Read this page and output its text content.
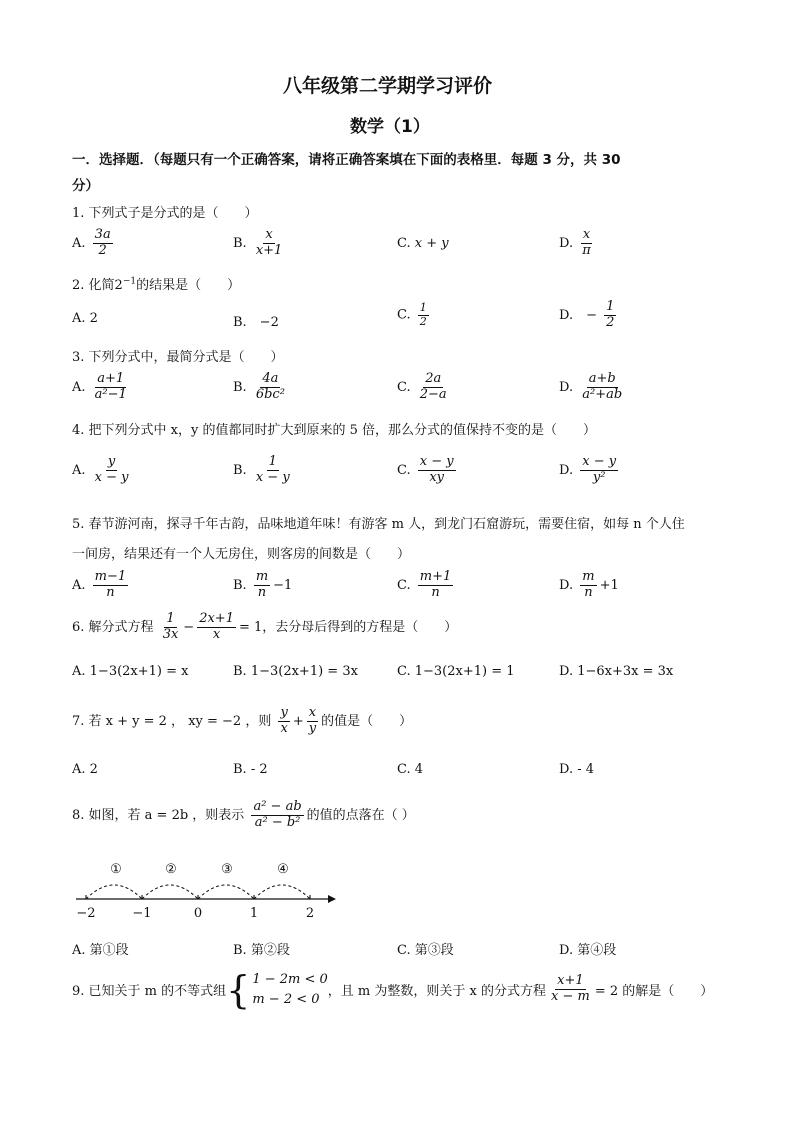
八年级第二学期学习评价
数学（1）
一．选择题．（每题只有一个正确答案，请将正确答案填在下面的表格里．每题 3 分，共 30
分）
1. 下列式子是分式的是（　　）
A. $\frac{3a}{2}$	B. $\frac{x}{x+1}$	C. x + y	D. $\frac{x}{\pi}$
2. 化简$2^{-1}$的结果是（　　）
A. 2	B.　−2	C. $\frac{1}{2}$	D.　− $\frac{1}{2}$
3. 下列分式中，最简分式是（　　）
A. $\frac{a+1}{\text{a²−1}}$	B. $\frac{4a}{\text{6bc²}}$	C. $\frac{2a}{2-a}$	D. $\frac{a+b}{\text{a²+ab}}$
4. 把下列分式中 x，y 的值都同时扩大到原来的 5 倍，那么分式的值保持不变的是（　　）
A. $\frac{y}{x - y}$	B. $\frac{1}{x - y}$	C. $\frac{x - y}{xy}$	D. $\frac{x - y}{\text{y²}}$
5. 春节游河南，探寻千年古韵，品味地道年味！有游客 m 人，到龙门石窟游玩，需要住宿，如每 n 个人住
一间房，结果还有一个人无房住，则客房的间数是（　　）
A. $\frac{m-1}{n}$	B. $\frac{m}{n} -1$	C. $\frac{m+1}{n}$	D. $\frac{m}{n} +1$
6. 解分式方程 $\frac{1}{3x} - \frac{2x+1}{x} = 1$，去分母后得到的方程是（　　）
A. 1−3(2x+1) = x	B. 1−3(2x+1) = 3x	C. 1−3(2x+1) = 1	D. 1−6x+3x = 3x
7. 若 x + y = 2 ， xy = −2 ，则 $\frac{y}{x} + \frac{x}{y}$ 的值是（　　）
A. 2	B. - 2	C. 4	D. - 4
8. 如图，若 a = 2b ，则表示 $\frac{\text{a² − ab}}{\text{a² − b²}}$ 的值的点落在（ ）
①	②	③	④
−2	−1	0	1	2
A. 第①段	B. 第②段	C. 第③段	D. 第④段
9. 已知关于 m 的不等式组 { 1 − 2m < 0
m − 2 < 0 ，且 m 为整数，则关于 x 的分式方程 $\frac{x+1}{x - m} = 2$ 的解是（　　）
